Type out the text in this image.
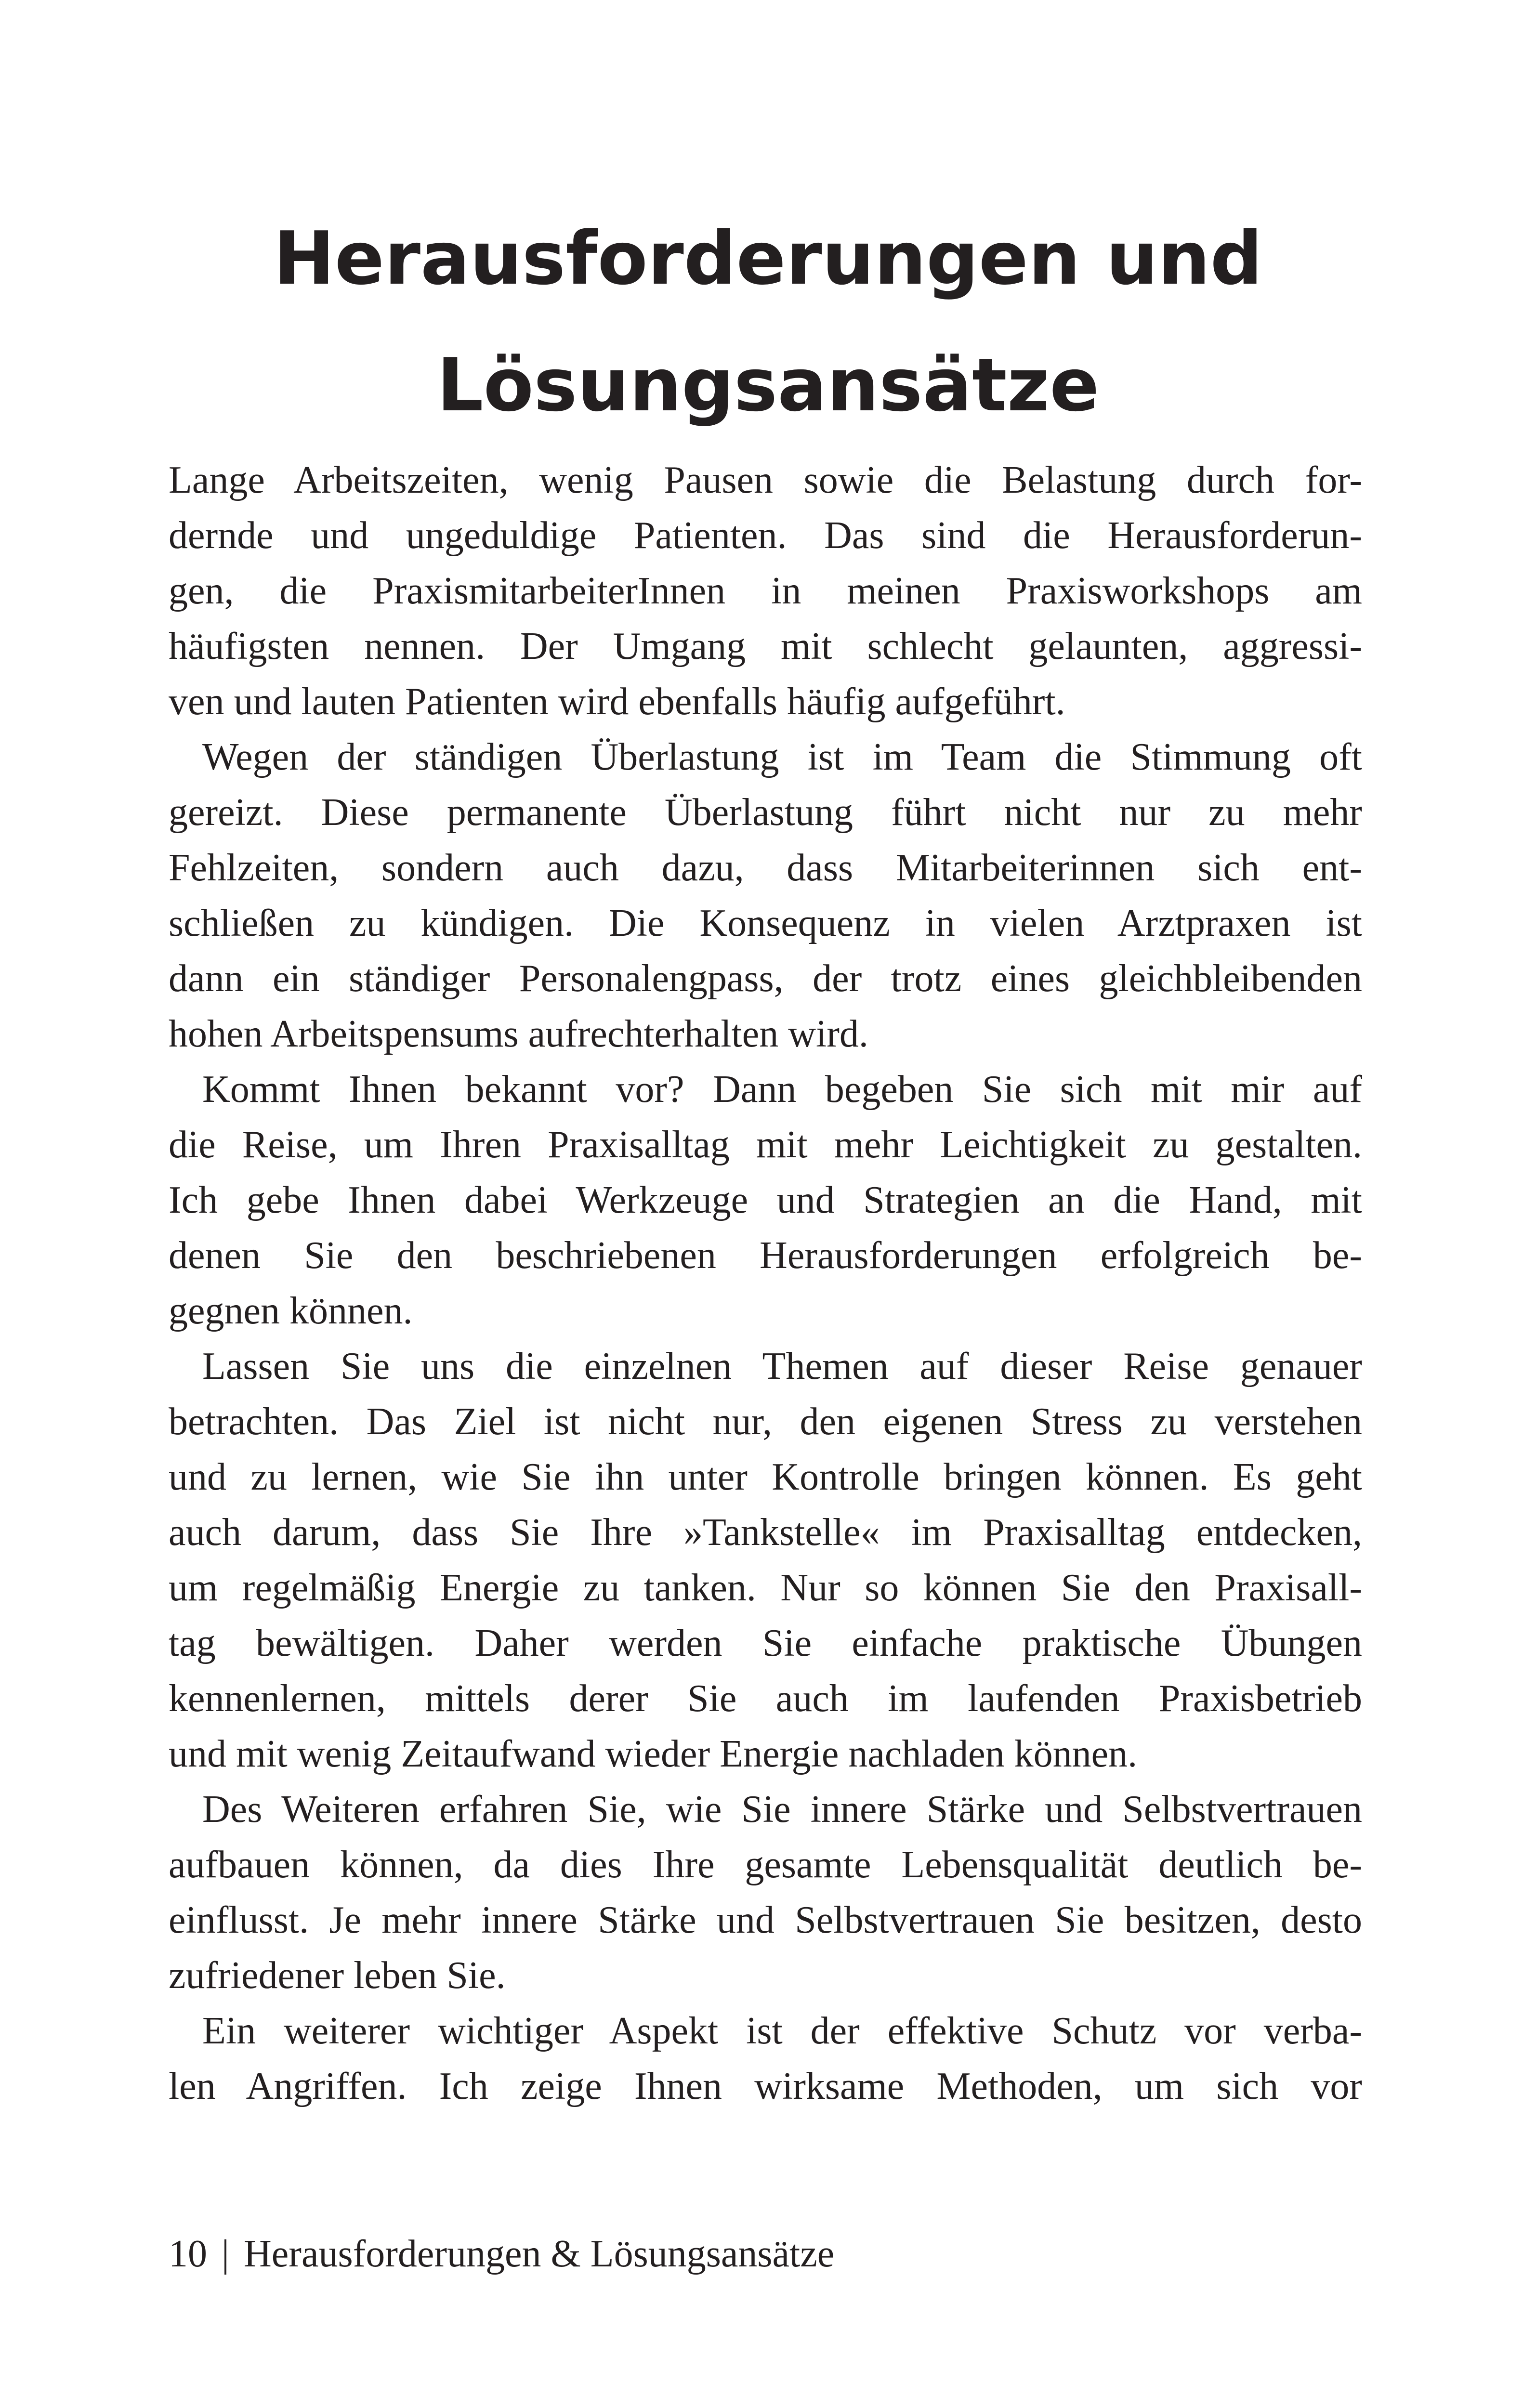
Herausforderungen und
Lösungsansätze
Lange Arbeitszeiten, wenig Pausen sowie die Belastung durch for-
dernde und ungeduldige Patienten. Das sind die Herausforderun-
gen, die PraxismitarbeiterInnen in meinen Praxisworkshops am
häufigsten nennen. Der Umgang mit schlecht gelaunten, aggressi-
ven und lauten Patienten wird ebenfalls häufig aufgeführt.
Wegen der ständigen Überlastung ist im Team die Stimmung oft
gereizt. Diese permanente Überlastung führt nicht nur zu mehr
Fehlzeiten, sondern auch dazu, dass Mitarbeiterinnen sich ent-
schließen zu kündigen. Die Konsequenz in vielen Arztpraxen ist
dann ein ständiger Personalengpass, der trotz eines gleichbleibenden
hohen Arbeitspensums aufrechterhalten wird.
Kommt Ihnen bekannt vor? Dann begeben Sie sich mit mir auf
die Reise, um Ihren Praxisalltag mit mehr Leichtigkeit zu gestalten.
Ich gebe Ihnen dabei Werkzeuge und Strategien an die Hand, mit
denen Sie den beschriebenen Herausforderungen erfolgreich be-
gegnen können.
Lassen Sie uns die einzelnen Themen auf dieser Reise genauer
betrachten. Das Ziel ist nicht nur, den eigenen Stress zu verstehen
und zu lernen, wie Sie ihn unter Kontrolle bringen können. Es geht
auch darum, dass Sie Ihre »Tankstelle« im Praxisalltag entdecken,
um regelmäßig Energie zu tanken. Nur so können Sie den Praxisall-
tag bewältigen. Daher werden Sie einfache praktische Übungen
kennenlernen, mittels derer Sie auch im laufenden Praxisbetrieb
und mit wenig Zeitaufwand wieder Energie nachladen können.
Des Weiteren erfahren Sie, wie Sie innere Stärke und Selbstvertrauen
aufbauen können, da dies Ihre gesamte Lebensqualität deutlich be-
einflusst. Je mehr innere Stärke und Selbstvertrauen Sie besitzen, desto
zufriedener leben Sie.
Ein weiterer wichtiger Aspekt ist der effektive Schutz vor verba-
len Angriffen. Ich zeige Ihnen wirksame Methoden, um sich vor
10 | Herausforderungen & Lösungsansätze
